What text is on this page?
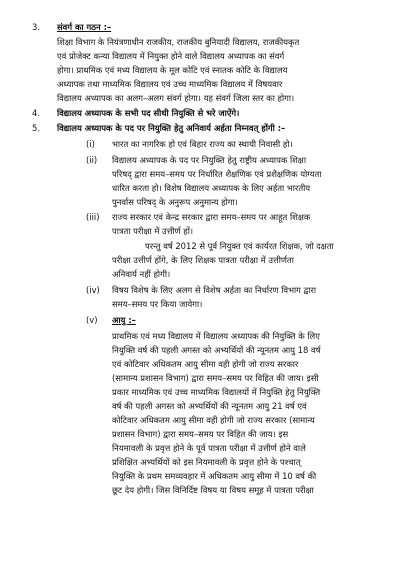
3. संवर्ग का गठन :–
शिक्षा विभाग के नियंत्रणाधीन राजकीय, राजकीय बुनियादी विद्यालय, राजकीयकृत
एवं प्रोजेक्ट कन्या विद्यालय में नियुक्त होने वाले विद्यालय अध्यापक का संवर्ग
होगा। प्राथमिक एवं मध्य विद्यालय के मूल कोटि एवं स्नातक कोटि के विद्यालय
अध्यापक तथा माध्यमिक विद्यालय एवं उच्च माध्यमिक विद्यालय में विषयवार
विद्यालय अध्यापक का अलग–अलग संवर्ग होगा। यह संवर्ग जिला स्तर का होगा।
4. विद्यालय अध्यापक के सभी पद सीधी नियुक्ति से भरे जाऐंगे।
5. विद्यालय अध्यापक के पद पर नियुक्ति हेतु अनिवार्य अर्हता निम्नवत् होंगी :–
(i) भारत का नागरिक हो एवं बिहार राज्य का स्थायी निवासी हो।
(ii) विद्यालय अध्यापक के पद पर नियुक्ति हेतु राष्ट्रीय अध्यापक शिक्षा
परिषद् द्वारा समय–समय पर निर्धारित शैक्षणिक एवं प्रशैक्षणिक योग्यता
धारित करता हो। विशेष विद्यालय अध्यापक के लिए अर्हता भारतीय
पुनर्वास परिषद् के अनुरूप अनुमान्य होगा।
(iii) राज्य सरकार एवं केन्द्र सरकार द्वारा समय–समय पर आहूत शिक्षक
पात्रता परीक्षा में उत्तीर्ण हों।
परन्तु वर्ष 2012 से पूर्व नियुक्त एवं कार्यरत शिक्षक, जो दक्षता
परीक्षा उत्तीर्ण होंगे, के लिए शिक्षक पात्रता परीक्षा में उत्तीर्णता
अनिवार्य नहीं होगी।
(iv) विषय विशेष के लिए अलग से विशेष अर्हता का निर्धारण विभाग द्वारा
समय–समय पर किया जायेगा।
(v) आयु :–
प्राथमिक एवं मध्य विद्यालय में विद्यालय अध्यापक की नियुक्ति के लिए
नियुक्ति वर्ष की पहली अगस्त को अभ्यर्थियों की न्यूनतम आयु 18 वर्ष
एवं कोटिवार अधिकतम आयु सीमा वही होगी जो राज्य सरकार
(सामान्य प्रशासन विभाग) द्वारा समय–समय पर विहित की जाय। इसी
प्रकार माध्यमिक एवं उच्च माध्यमिक विद्यालयों में नियुक्ति हेतु नियुक्ति
वर्ष की पहली अगस्त को अभ्यर्थियों की न्यूनतम आयु 21 वर्ष एवं
कोटिवार अधिकतम आयु सीमा वही होगी जो राज्य सरकार (सामान्य
प्रशासन विभाग) द्वारा समय–समय पर विहित की जाय। इस
नियमावली के प्रवृत्त होने के पूर्व पात्रता परीक्षा में उत्तीर्ण होने वाले
प्रशिक्षित अभ्यर्थियों को इस नियमावली के प्रवृत्त होने के पश्चात्
नियुक्ति के प्रथम समव्यवहार में अधिकतम आयु सीमा में 10 वर्ष की
छूट देय होगी। जिस विनिर्दिष्ट विषय या विषय समूह में पात्रता परीक्षा
